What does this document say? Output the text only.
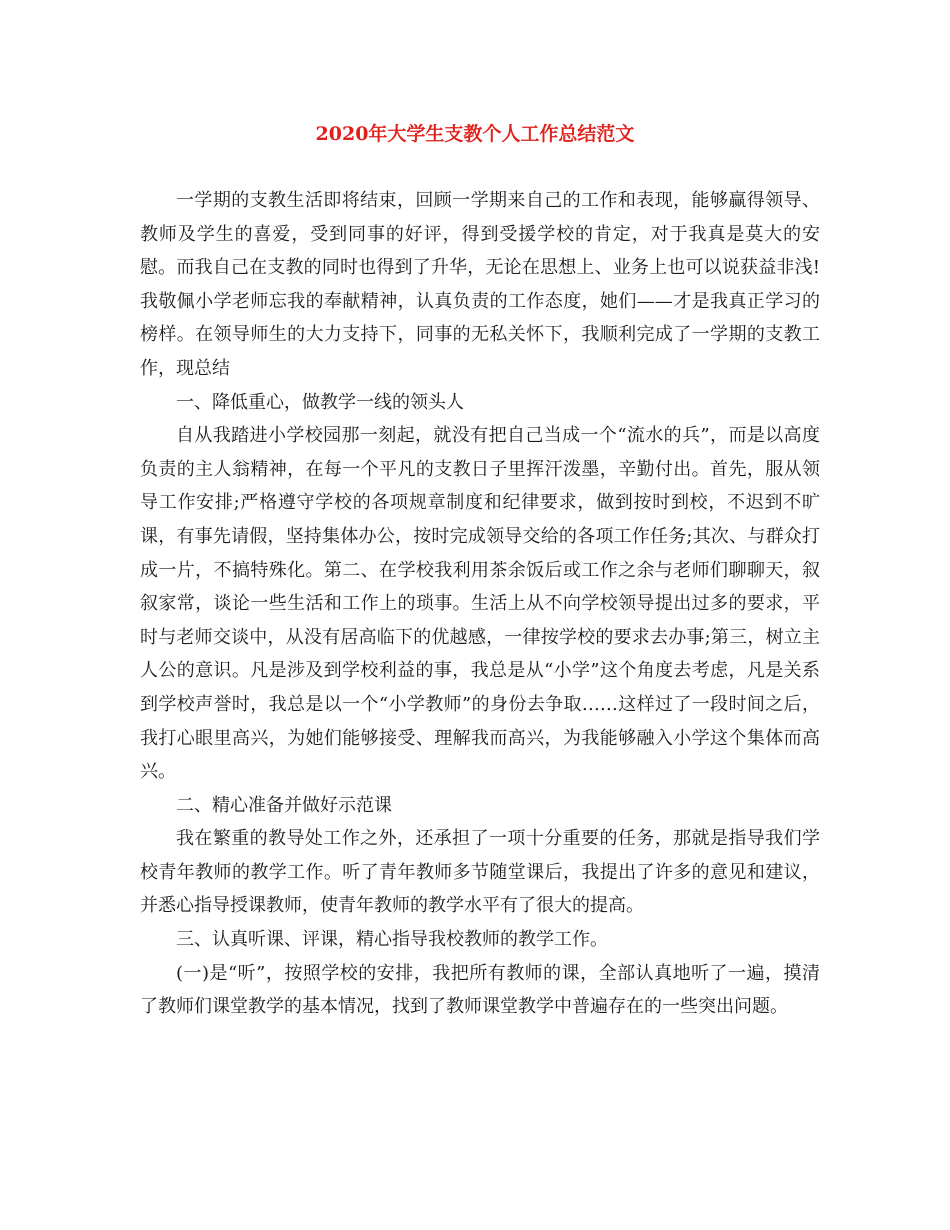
2020年大学生支教个人工作总结范文

一学期的支教生活即将结束，回顾一学期来自己的工作和表现，能够赢得领导、教师及学生的喜爱，受到同事的好评，得到受援学校的肯定，对于我真是莫大的安慰。而我自己在支教的同时也得到了升华，无论在思想上、业务上也可以说获益非浅!我敬佩小学老师忘我的奉献精神，认真负责的工作态度，她们——才是我真正学习的榜样。在领导师生的大力支持下，同事的无私关怀下，我顺利完成了一学期的支教工作，现总结

一、降低重心，做教学一线的领头人

自从我踏进小学校园那一刻起，就没有把自己当成一个“流水的兵”，而是以高度负责的主人翁精神，在每一个平凡的支教日子里挥汗泼墨，辛勤付出。首先，服从领导工作安排;严格遵守学校的各项规章制度和纪律要求，做到按时到校，不迟到不旷课，有事先请假，坚持集体办公，按时完成领导交给的各项工作任务;其次、与群众打成一片，不搞特殊化。第二、在学校我利用茶余饭后或工作之余与老师们聊聊天，叙叙家常，谈论一些生活和工作上的琐事。生活上从不向学校领导提出过多的要求，平时与老师交谈中，从没有居高临下的优越感，一律按学校的要求去办事;第三，树立主人公的意识。凡是涉及到学校利益的事，我总是从“小学”这个角度去考虑，凡是关系到学校声誉时，我总是以一个“小学教师”的身份去争取……这样过了一段时间之后，我打心眼里高兴，为她们能够接受、理解我而高兴，为我能够融入小学这个集体而高兴。

二、精心准备并做好示范课

我在繁重的教导处工作之外，还承担了一项十分重要的任务，那就是指导我们学校青年教师的教学工作。听了青年教师多节随堂课后，我提出了许多的意见和建议，并悉心指导授课教师，使青年教师的教学水平有了很大的提高。

三、认真听课、评课，精心指导我校教师的教学工作。

(一)是“听”，按照学校的安排，我把所有教师的课，全部认真地听了一遍，摸清了教师们课堂教学的基本情况，找到了教师课堂教学中普遍存在的一些突出问题。
